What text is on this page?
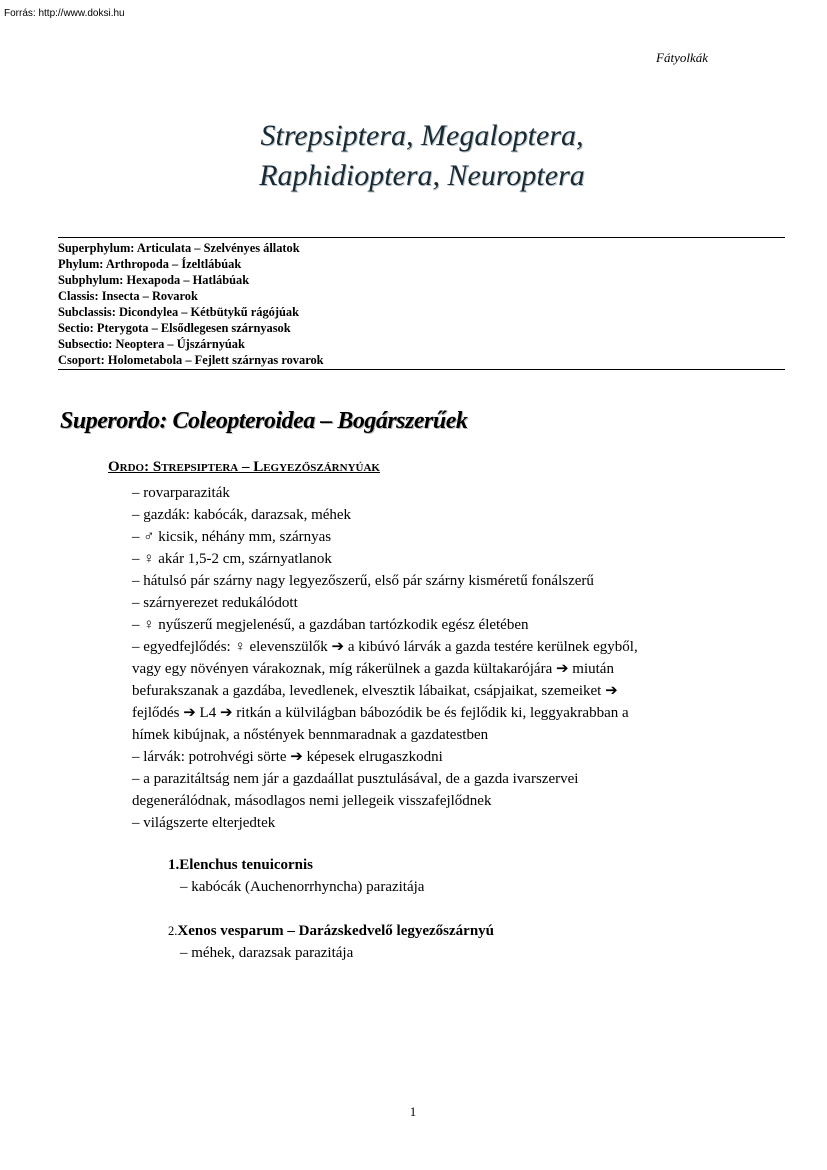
Forrás: http://www.doksi.hu
Fátyolkák
Strepsiptera, Megaloptera,
Raphidioptera, Neuroptera
Superphylum: Articulata – Szelvényes állatok
Phylum: Arthropoda – Ízeltlábúak
Subphylum: Hexapoda – Hatlábúak
Classis: Insecta – Rovarok
Subclassis: Dicondylea – Kétbütykű rágójúak
Sectio: Pterygota – Elsődlegesen szárnyasok
Subsectio: Neoptera – Újszárnyúak
Csoport: Holometabola – Fejlett szárnyas rovarok
Superordo: Coleopteroidea – Bogárszerűek
Ordo: Strepsiptera – Legyezőszárnyúak
– rovarparaziták
– gazdák: kabócák, darazsak, méhek
– ♂ kicsik, néhány mm, szárnyas
– ♀ akár 1,5-2 cm, szárnyatlanok
– hátulsó pár szárny nagy legyezőszerű, első pár szárny kisméretű fonálszerű
– szárnyerezet redukálódott
– ♀ nyűszerű megjelenésű, a gazdában tartózkodik egész életében
– egyedfejlődés: ♀ elevenszülők ➔ a kibúvó lárvák a gazda testére kerülnek egyből,
vagy egy növényen várakoznak, míg rákerülnek a gazda kültakarójára ➔ miután
befurakszanak a gazdába, levedlenek, elvesztik lábaikat, csápjaikat, szemeiket ➔
fejlődés ➔ L4 ➔ ritkán a külvilágban bábozódik be és fejlődik ki, leggyakrabban a
hímek kibújnak, a nőstények bennmaradnak a gazdatestben
– lárvák: potrohvégi sörte ➔ képesek elrugaszkodni
– a parazitáltság nem jár a gazdaállat pusztulásával, de a gazda ivarszervei
degenerálódnak, másodlagos nemi jellegeik visszafejlődnek
– világszerte elterjedtek
1.Elenchus tenuicornis
– kabócák (Auchenorrhyncha) parazitája
2.Xenos vesparum – Darázskedvelő legyezőszárnyú
– méhek, darazsak parazitája
1
